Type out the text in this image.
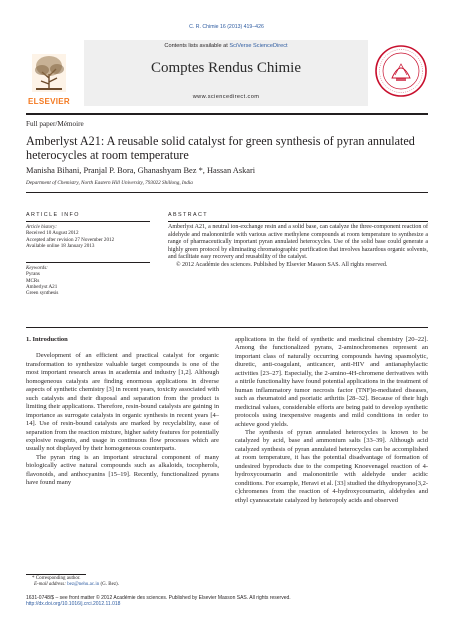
C. R. Chimie 16 (2013) 419–426
ELSEVIER
Contents lists available at SciVerse ScienceDirect
Comptes Rendus Chimie
www.sciencedirect.com
Full paper/Mémoire
Amberlyst A21: A reusable solid catalyst for green synthesis of pyran annulated heterocycles at room temperature
Manisha Bihani, Pranjal P. Bora, Ghanashyam Bez *, Hassan Askari
Department of Chemistry, North Eastern Hill University, 793022 Shillong, India
ARTICLE INFO	ABSTRACT
Article history:
Received 10 August 2012
Accepted after revision 27 November 2012
Available online 18 January 2013
Keywords:
Pyrans
MCRs
Amberlyst A21
Green synthesis
Amberlyst A21, a neutral ion-exchange resin and a solid base, can catalyze the three-component reaction of aldehyde and malononitrile with various active methylene compounds at room temperature to synthesize a range of pharmaceutically important pyran annulated heterocycles. Use of the solid base could generate a highly green protocol by eliminating chromatographic purification that involves hazardous organic solvents, and facilitate easy recovery and reusability of the catalyst.
© 2012 Académie des sciences. Published by Elsevier Masson SAS. All rights reserved.

1. Introduction

Development of an efficient and practical catalyst for organic transformation to synthesize valuable target compounds is one of the most important research areas in academia and industry [1,2]. Although homogeneous catalysts are finding enormous applications in diverse aspects of synthetic chemistry [3] in recent years, toxicity associated with such catalysts and their disposal and separation from the product is limiting their applications. Therefore, resin-bound catalysts are gaining in importance as surrogate catalysts in organic synthesis in recent years [4–14]. Use of resin-bound catalysts are marked by recyclability, ease of separation from the reaction mixture, higher safety features for potentially explosive reagents, and usage in continuous flow processes which are usually not displayed by their homogeneous counterparts.

The pyran ring is an important structural component of many biologically active natural compounds such as alkaloids, tocopherols, flavonoids, and anthocyanins [15–19]. Recently, functionalized pyrans have found many

applications in the field of synthetic and medicinal chemistry [20–22]. Among the functionalized pyrans, 2-aminochromenes represent an important class of naturally occurring compounds having spasmolytic, diuretic, anti-coagulant, anticancer, anti-HIV and antianaphylactic activities [23–27]. Especially, the 2-amino-4H-chromene derivatives with a nitrile functionality have found potential applications in the treatment of human inflammatory tumor necrosis factor (TNF)α-mediated diseases, such as rheumatoid and psoriatic arthritis [28–32]. Because of their high medicinal values, considerable efforts are being paid to develop synthetic protocols using inexpensive reagents and mild conditions in order to achieve good yields.

The synthesis of pyran annulated heterocycles is known to be catalyzed by acid, base and ammonium salts [33–39]. Although acid catalyzed synthesis of pyran annulated heterocycles can be accomplished at room temperature, it has the potential disadvantage of formation of undesired byproducts due to the competing Knoevenagel reaction of 4-hydroxycoumarin and malononitrile with aldehyde under acidic conditions. For example, Heravi et al. [33] studied the dihydropyrano[3,2-c]chromenes from the reaction of 4-hydroxycoumarin, aldehydes and ethyl cyanoacetate catalyzed by heteropoly acids and observed

* Corresponding author.
E-mail address: bez@nehu.ac.in (G. Bez).
1631-0748/$ – see front matter © 2012 Académie des sciences. Published by Elsevier Masson SAS. All rights reserved.
http://dx.doi.org/10.1016/j.crci.2012.11.018
